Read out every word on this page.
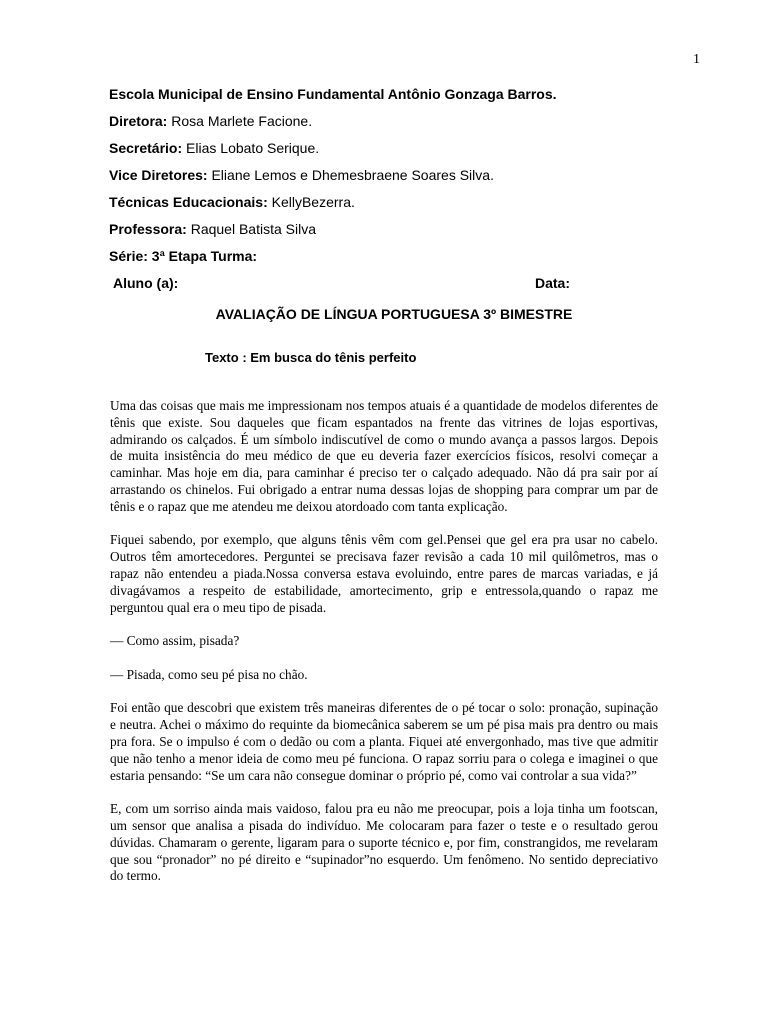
1
Escola Municipal de Ensino Fundamental Antônio Gonzaga Barros.
Diretora: Rosa Marlete Facione.
Secretário: Elias Lobato Serique.
Vice Diretores: Eliane Lemos e Dhemesbraene Soares Silva.
Técnicas Educacionais: KellyBezerra.
Professora: Raquel Batista Silva
Série: 3ª Etapa Turma:
Aluno (a):	Data:
AVALIAÇÃO DE LÍNGUA PORTUGUESA 3º BIMESTRE
Texto : Em busca do tênis perfeito

Uma das coisas que mais me impressionam nos tempos atuais é a quantidade de modelos diferentes de tênis que existe. Sou daqueles que ficam espantados na frente das vitrines de lojas esportivas, admirando os calçados. É um símbolo indiscutível de como o mundo avança a passos largos. Depois de muita insistência do meu médico de que eu deveria fazer exercícios físicos, resolvi começar a caminhar. Mas hoje em dia, para caminhar é preciso ter o calçado adequado. Não dá pra sair por aí arrastando os chinelos. Fui obrigado a entrar numa dessas lojas de shopping para comprar um par de tênis e o rapaz que me atendeu me deixou atordoado com tanta explicação.

Fiquei sabendo, por exemplo, que alguns tênis vêm com gel.Pensei que gel era pra usar no cabelo. Outros têm amortecedores. Perguntei se precisava fazer revisão a cada 10 mil quilômetros, mas o rapaz não entendeu a piada.Nossa conversa estava evoluindo, entre pares de marcas variadas, e já divagávamos a respeito de estabilidade, amortecimento, grip e entressola,quando o rapaz me perguntou qual era o meu tipo de pisada.

— Como assim, pisada?

— Pisada, como seu pé pisa no chão.

Foi então que descobri que existem três maneiras diferentes de o pé tocar o solo: pronação, supinação e neutra. Achei o máximo do requinte da biomecânica saberem se um pé pisa mais pra dentro ou mais pra fora. Se o impulso é com o dedão ou com a planta. Fiquei até envergonhado, mas tive que admitir que não tenho a menor ideia de como meu pé funciona. O rapaz sorriu para o colega e imaginei o que estaria pensando: “Se um cara não consegue dominar o próprio pé, como vai controlar a sua vida?”

E, com um sorriso ainda mais vaidoso, falou pra eu não me preocupar, pois a loja tinha um footscan, um sensor que analisa a pisada do indivíduo. Me colocaram para fazer o teste e o resultado gerou dúvidas. Chamaram o gerente, ligaram para o suporte técnico e, por fim, constrangidos, me revelaram que sou “pronador” no pé direito e “supinador”no esquerdo. Um fenômeno. No sentido depreciativo do termo.
